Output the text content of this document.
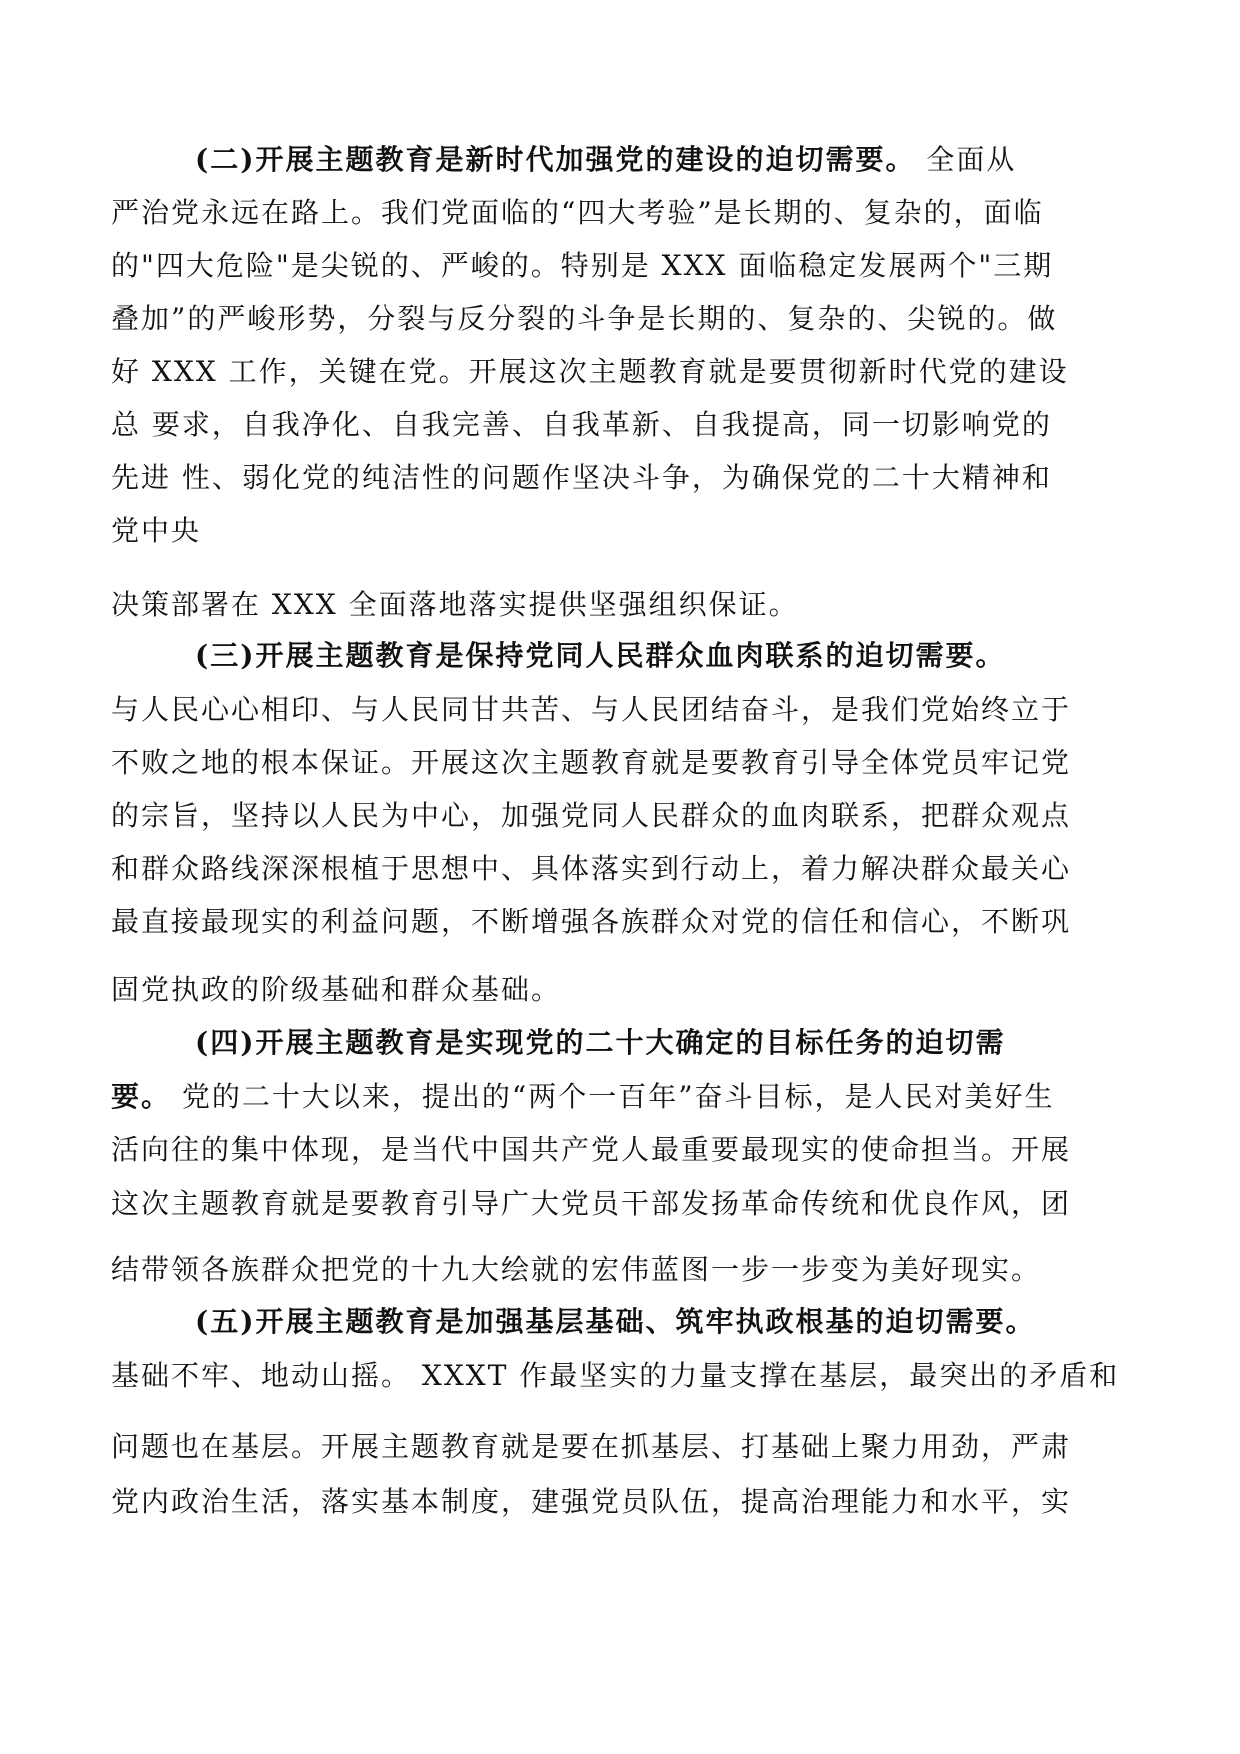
(二)开展主题教育是新时代加强党的建设的迫切需要。 全面从
严治党永远在路上。我们党面临的“四大考验”是长期的、复杂的，面临
的"四大危险"是尖锐的、严峻的。特别是 XXX 面临稳定发展两个"三期
叠加”的严峻形势，分裂与反分裂的斗争是长期的、复杂的、尖锐的。做
好 XXX 工作，关键在党。开展这次主题教育就是要贯彻新时代党的建设
总 要求，自我净化、自我完善、自我革新、自我提高，同一切影响党的
先进 性、弱化党的纯洁性的问题作坚决斗争，为确保党的二十大精神和
党中央
决策部署在 XXX 全面落地落实提供坚强组织保证。
(三)开展主题教育是保持党同人民群众血肉联系的迫切需要。
与人民心心相印、与人民同甘共苦、与人民团结奋斗，是我们党始终立于
不败之地的根本保证。开展这次主题教育就是要教育引导全体党员牢记党
的宗旨，坚持以人民为中心，加强党同人民群众的血肉联系，把群众观点
和群众路线深深根植于思想中、具体落实到行动上，着力解决群众最关心
最直接最现实的利益问题，不断增强各族群众对党的信任和信心，不断巩
固党执政的阶级基础和群众基础。
(四)开展主题教育是实现党的二十大确定的目标任务的迫切需
要。 党的二十大以来，提出的“两个一百年”奋斗目标，是人民对美好生
活向往的集中体现，是当代中国共产党人最重要最现实的使命担当。开展
这次主题教育就是要教育引导广大党员干部发扬革命传统和优良作风，团
结带领各族群众把党的十九大绘就的宏伟蓝图一步一步变为美好现实。
(五)开展主题教育是加强基层基础、筑牢执政根基的迫切需要。
基础不牢、地动山摇。 XXXT 作最坚实的力量支撑在基层，最突出的矛盾和
问题也在基层。开展主题教育就是要在抓基层、打基础上聚力用劲，严肃
党内政治生活，落实基本制度，建强党员队伍，提高治理能力和水平，实
